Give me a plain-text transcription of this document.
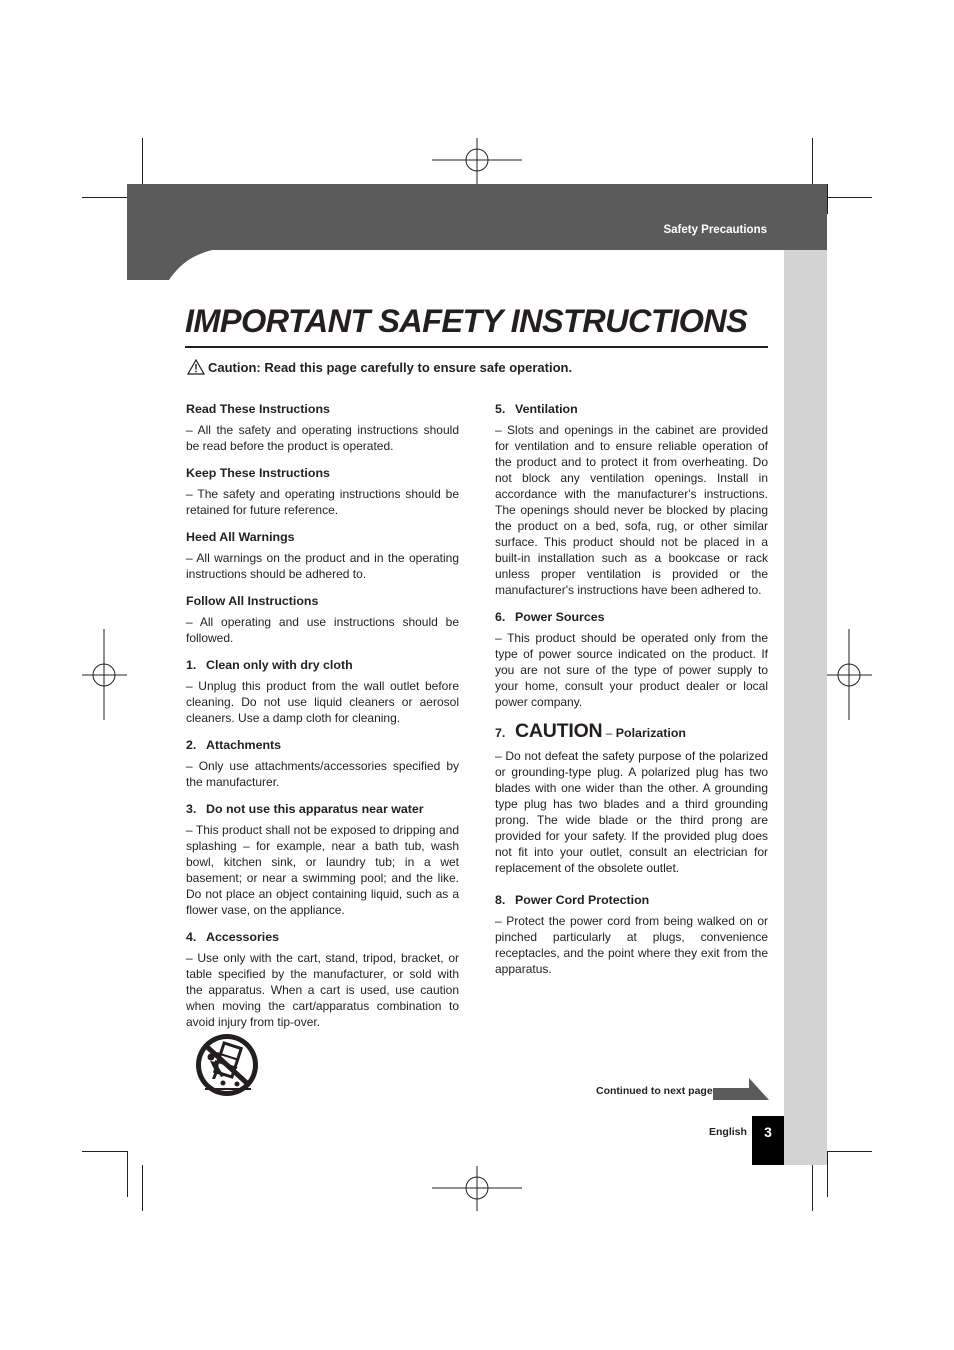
Safety Precautions
IMPORTANT SAFETY INSTRUCTIONS
Caution: Read this page carefully to ensure safe operation.
Read These Instructions

– All the safety and operating instructions should be read before the product is operated.

Keep These Instructions

– The safety and operating instructions should be retained for future reference.

Heed All Warnings

– All warnings on the product and in the operating instructions should be adhered to.

Follow All Instructions

– All operating and use instructions should be followed.

1. Clean only with dry cloth

– Unplug this product from the wall outlet before cleaning. Do not use liquid cleaners or aerosol cleaners. Use a damp cloth for cleaning.

2. Attachments

– Only use attachments/accessories specified by the manufacturer.

3. Do not use this apparatus near water

– This product shall not be exposed to dripping and splashing – for example, near a bath tub, wash bowl, kitchen sink, or laundry tub; in a wet basement; or near a swimming pool; and the like. Do not place an object containing liquid, such as a flower vase, on the appliance.

4. Accessories

– Use only with the cart, stand, tripod, bracket, or table specified by the manufacturer, or sold with the apparatus. When a cart is used, use caution when moving the cart/apparatus combination to avoid injury from tip-over.

5. Ventilation

– Slots and openings in the cabinet are provided for ventilation and to ensure reliable operation of the product and to protect it from overheating. Do not block any ventilation openings. Install in accordance with the manufacturer's instructions. The openings should never be blocked by placing the product on a bed, sofa, rug, or other similar surface. This product should not be placed in a built-in installation such as a bookcase or rack unless proper ventilation is provided or the manufacturer's instructions have been adhered to.

6. Power Sources

– This product should be operated only from the type of power source indicated on the product. If you are not sure of the type of power supply to your home, consult your product dealer or local power company.

7. CAUTION – Polarization

– Do not defeat the safety purpose of the polarized or grounding-type plug. A polarized plug has two blades with one wider than the other. A grounding type plug has two blades and a third grounding prong. The wide blade or the third prong are provided for your safety. If the provided plug does not fit into your outlet, consult an electrician for replacement of the obsolete outlet.

8. Power Cord Protection

– Protect the power cord from being walked on or pinched particularly at plugs, convenience receptacles, and the point where they exit from the apparatus.

Continued to next page
English	3
